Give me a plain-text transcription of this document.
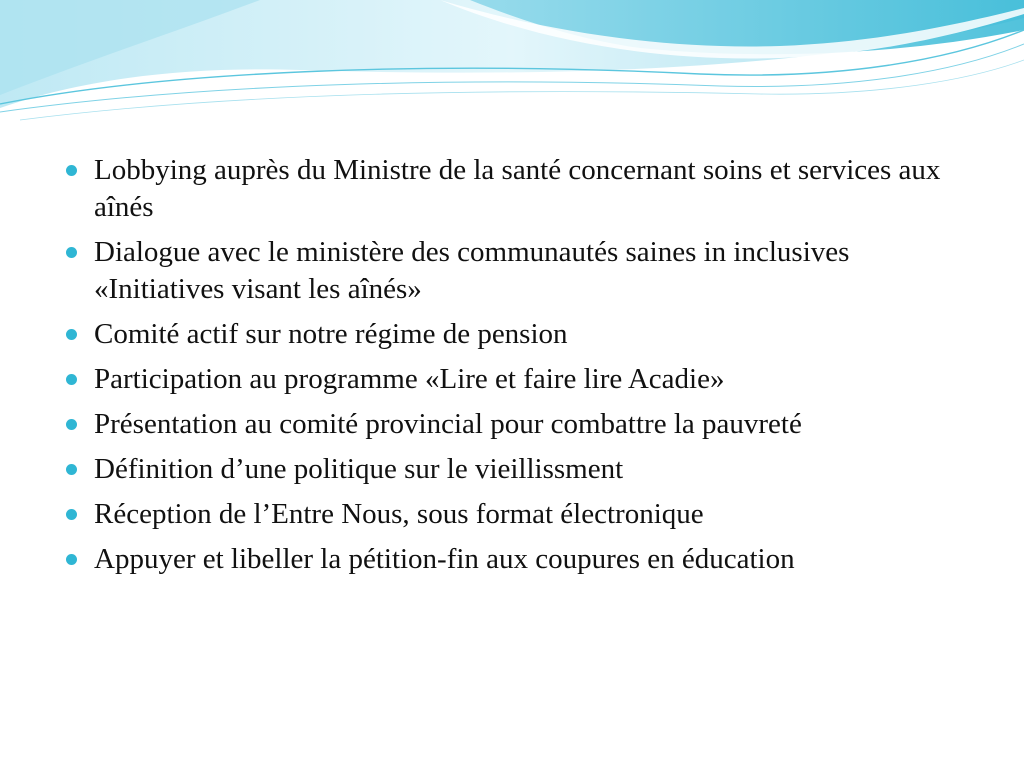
Lobbying auprès du Ministre de la santé concernant soins et services aux aînés
Dialogue avec le ministère des communautés saines in inclusives «Initiatives visant les aînés»
Comité actif sur notre régime de pension
Participation au programme «Lire et faire lire Acadie»
Présentation au comité provincial pour combattre la pauvreté
Définition d’une politique sur le vieillissment
Réception de l’Entre Nous, sous format électronique
Appuyer et libeller la pétition-fin aux coupures en éducation
